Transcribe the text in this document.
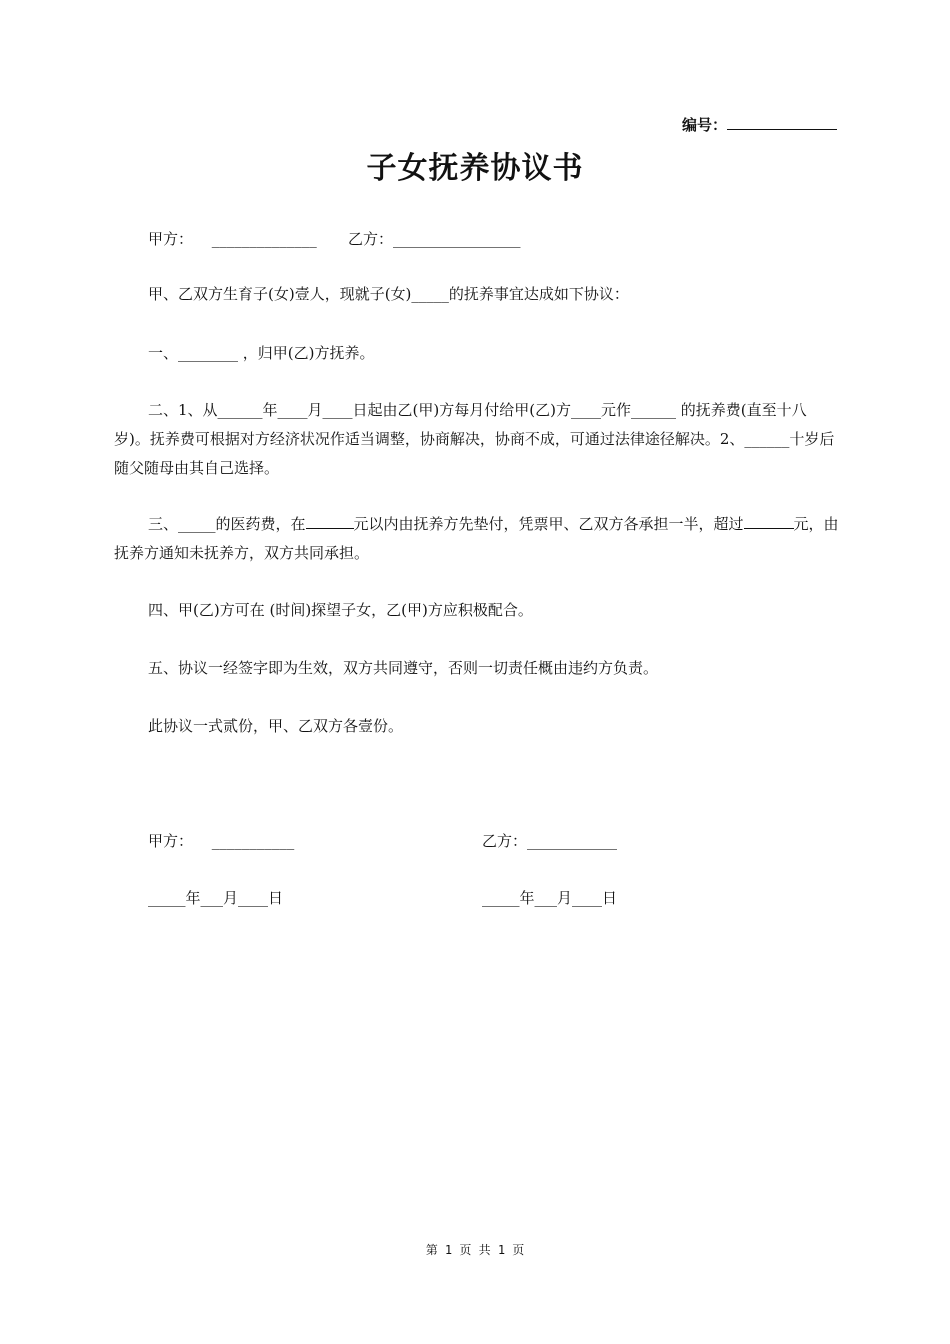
编号：
子女抚养协议书
甲方： ______________ 乙方：_________________
甲、乙双方生育子(女)壹人，现就子(女)_____的抚养事宜达成如下协议：
一、________ ，归甲(乙)方抚养。
二、1、从______年____月____日起由乙(甲)方每月付给甲(乙)方____元作______ 的抚养费(直至十八岁)。抚养费可根据对方经济状况作适当调整，协商解决，协商不成，可通过法律途径解决。2、______十岁后随父随母由其自己选择。
三、_____的医药费，在	元以内由抚养方先垫付，凭票甲、乙双方各承担一半，超过	元，由抚养方通知未抚养方，双方共同承担。
四、甲(乙)方可在 (时间)探望子女，乙(甲)方应积极配合。
五、协议一经签字即为生效，双方共同遵守，否则一切责任概由违约方负责。
此协议一式贰份，甲、乙双方各壹份。
甲方： ___________	乙方：____________
_____年___月____日	_____年___月____日
第 1 页 共 1 页
